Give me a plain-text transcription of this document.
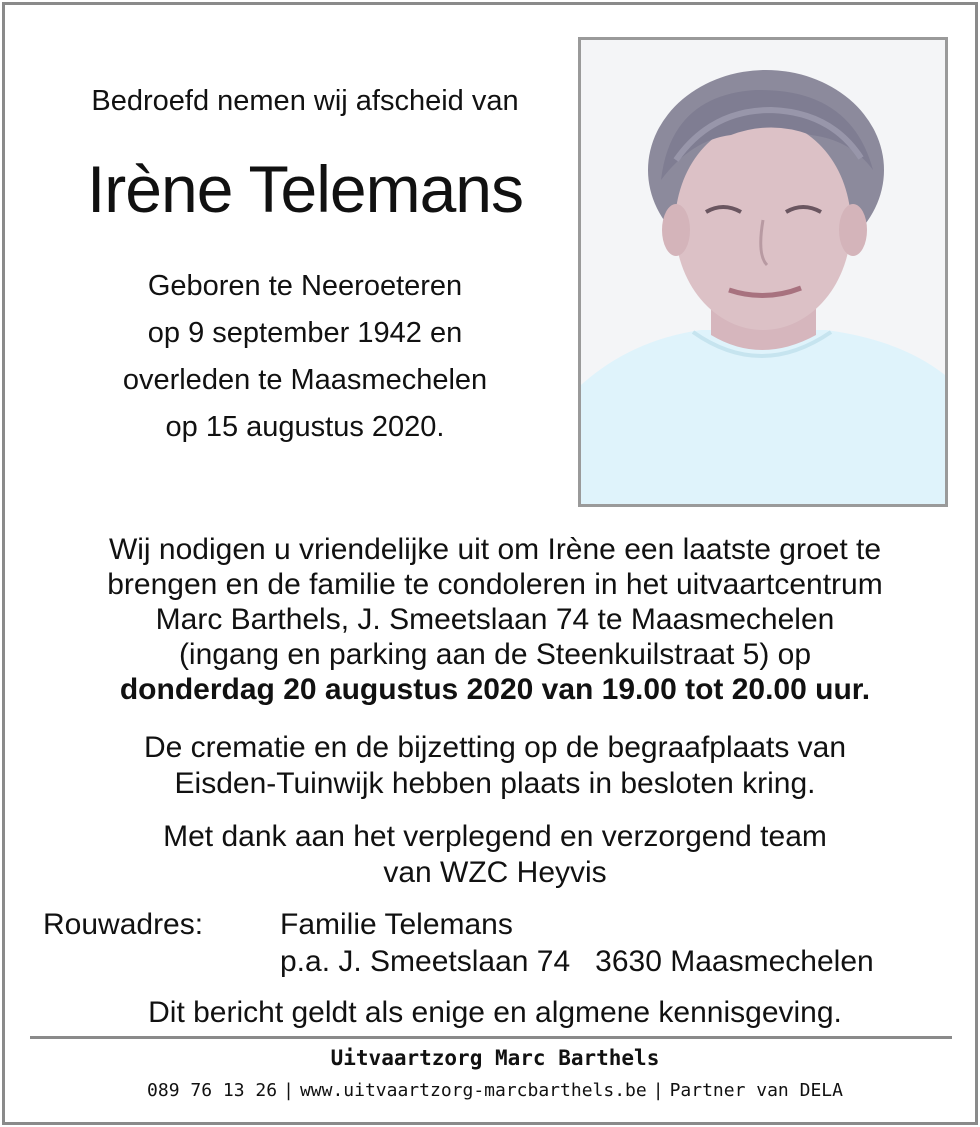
Bedroefd nemen wij afscheid van
Irène Telemans
Geboren te Neeroeteren
op 9 september 1942 en
overleden te Maasmechelen
op 15 augustus 2020.
Wij nodigen u vriendelijke uit om Irène een laatste groet te
brengen en de familie te condoleren in het uitvaartcentrum
Marc Barthels, J. Smeetslaan 74 te Maasmechelen
(ingang en parking aan de Steenkuilstraat 5) op
donderdag 20 augustus 2020 van 19.00 tot 20.00 uur.
De crematie en de bijzetting op de begraafplaats van
Eisden-Tuinwijk hebben plaats in besloten kring.
Met dank aan het verplegend en verzorgend team
van WZC Heyvis
Rouwadres:	Familie Telemans
p.a. J. Smeetslaan 74   3630 Maasmechelen
Dit bericht geldt als enige en algmene kennisgeving.
Uitvaartzorg Marc Barthels
089 76 13 26 | www.uitvaartzorg-marcbarthels.be | Partner van DELA
